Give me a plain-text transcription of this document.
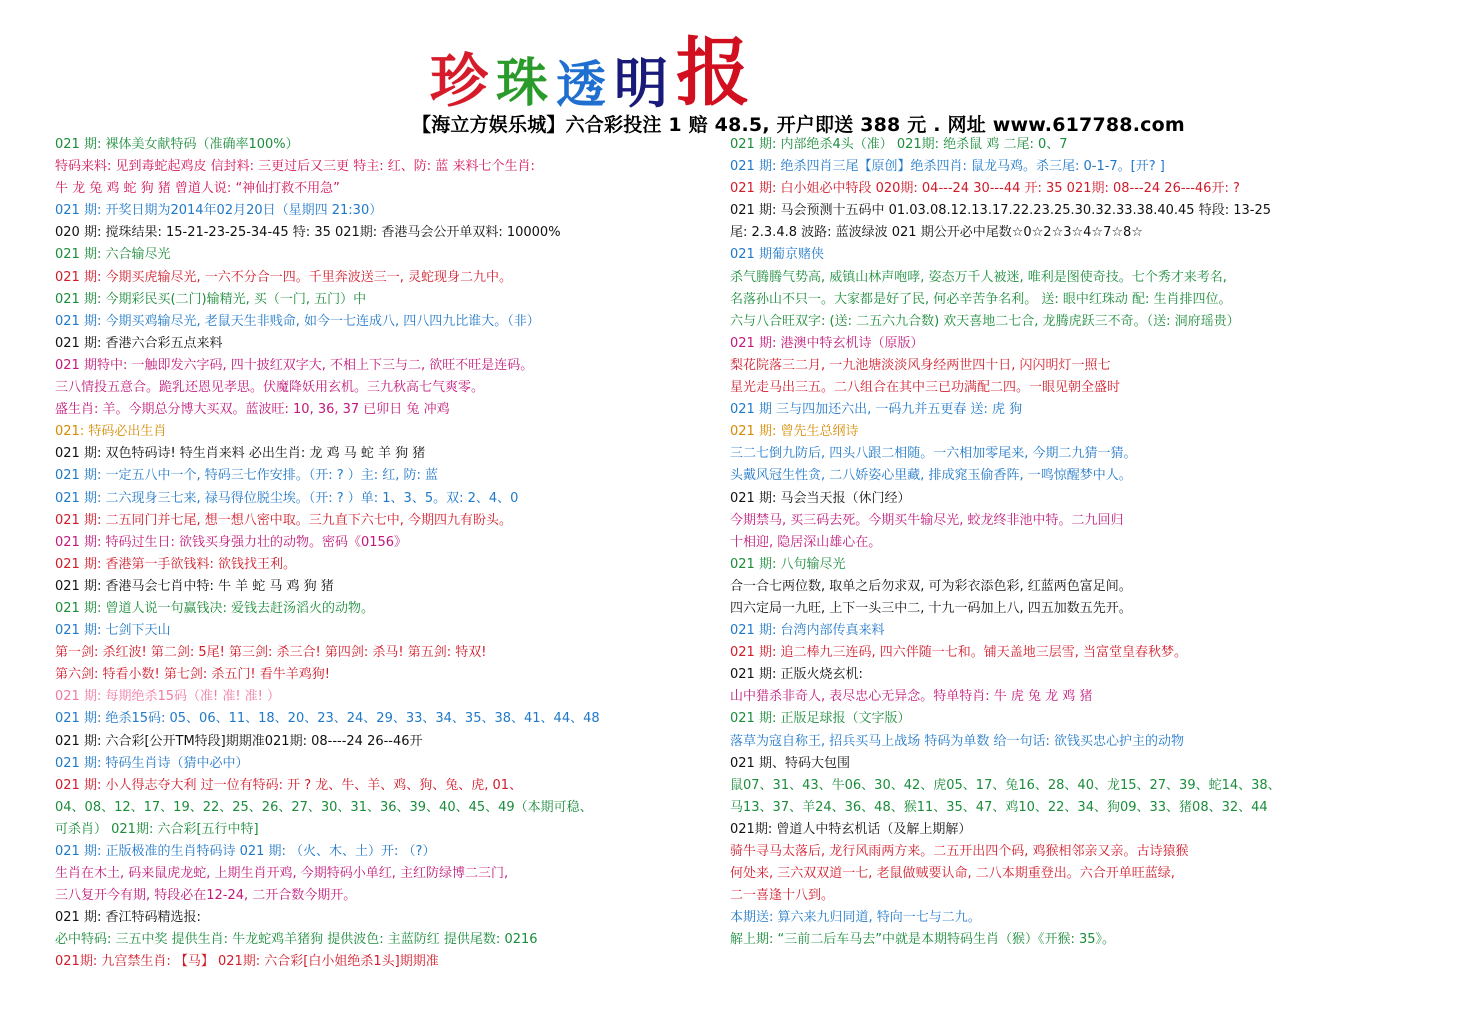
珍 珠 透 明 报
【海立方娱乐城】六合彩投注 1 赔 48.5, 开户即送 388 元 . 网址 www.617788.com
021 期: 裸体美女献特码（准确率100%）
特码来料: 见到毒蛇起鸡皮 信封料: 三更过后又三更 特主: 红、防: 蓝 来料七个生肖:
牛 龙 兔 鸡 蛇 狗 猪 曾道人说: “神仙打救不用急”
021 期: 开奖日期为2014年02月20日（星期四 21:30）
020 期: 搅珠结果: 15-21-23-25-34-45 特: 35 021期: 香港马会公开单双料: 10000%
021 期: 六合输尽光
021 期: 今期买虎输尽光, 一六不分合一四。千里奔波送三一, 灵蛇现身二九中。
021 期: 今期彩民买(二门)输精光, 买（一门, 五门）中
021 期: 今期买鸡输尽光, 老鼠天生非贱命, 如今一七连成八, 四八四九比谁大。（非）
021 期: 香港六合彩五点来料
021 期特中: 一触即发六字码, 四十披红双字大, 不相上下三与二, 欲旺不旺是连码。
三八情投五意合。跪乳还恩见孝思。伏魔降妖用玄机。三九秋高七气爽零。
盛生肖: 羊。今期总分博大买双。蓝波旺: 10, 36, 37 已卯日 兔 冲鸡
021: 特码必出生肖
021 期: 双色特码诗! 特生肖来料 必出生肖: 龙 鸡 马 蛇 羊 狗 猪
021 期: 一定五八中一个, 特码三七作安排。（开: ? ）主: 红, 防: 蓝
021 期: 二六现身三七来, 禄马得位脱尘埃。（开: ? ）单: 1、3、5。双: 2、4、0
021 期: 二五同门并七尾, 想一想八密中取。三九直下六七中, 今期四九有盼头。
021 期: 特码过生日: 欲钱买身强力壮的动物。密码《0156》
021 期: 香港第一手欲钱料: 欲钱找王利。
021 期: 香港马会七肖中特: 牛 羊 蛇 马 鸡 狗 猪
021 期: 曾道人说一句赢钱决: 爱钱去赶汤滔火的动物。
021 期: 七剑下天山
第一剑: 杀红波! 第二剑: 5尾! 第三剑: 杀三合! 第四剑: 杀马! 第五剑: 特双!
第六剑: 特看小数! 第七剑: 杀五门! 看牛羊鸡狗!
021 期: 每期绝杀15码（准! 准! 准! ）
021 期: 绝杀15码: 05、06、11、18、20、23、24、29、33、34、35、38、41、44、48
021 期: 六合彩[公开TM特段]期期准021期: 08----24 26--46开
021 期: 特码生肖诗（猜中必中）
021 期: 小人得志夺大利 过一位有特码: 开 ? 龙、牛、羊、鸡、狗、兔、虎, 01、
04、08、12、17、19、22、25、26、27、30、31、36、39、40、45、49（本期可稳、
可杀肖） 021期: 六合彩[五行中特]
021 期: 正版极准的生肖特码诗 021 期: （火、木、土）开: （?）
生肖在木土, 码来鼠虎龙蛇, 上期生肖开鸡, 今期特码小单红, 主红防绿博二三门,
三八复开今有期, 特段必在12-24, 二开合数今期开。
021 期: 香江特码精选报:
必中特码: 三五中奖 提供生肖: 牛龙蛇鸡羊猪狗 提供波色: 主蓝防红 提供尾数: 0216
021期: 九宫禁生肖: 【马】 021期: 六合彩[白小姐绝杀1头]期期准
021 期: 内部绝杀4头（准） 021期: 绝杀鼠 鸡 二尾: 0、7
021 期: 绝杀四肖三尾【原创】绝杀四肖: 鼠龙马鸡。杀三尾: 0-1-7。[开? ]
021 期: 白小姐必中特段 020期: 04---24 30---44 开: 35 021期: 08---24 26---46开: ?
021 期: 马会预测十五码中 01.03.08.12.13.17.22.23.25.30.32.33.38.40.45 特段: 13-25
尾: 2.3.4.8 波路: 蓝波绿波 021 期公开必中尾数☆0☆2☆3☆4☆7☆8☆
021 期葡京赌侠
杀气腾腾气势高, 威镇山林声咆哮, 姿态万千人被迷, 唯利是图使奇技。七个秀才来考名,
名落孙山不只一。大家都是好了民, 何必辛苦争名利。 送: 眼中红珠动 配: 生肖排四位。
六与八合旺双字: (送: 二五六九合数) 欢天喜地二七合, 龙腾虎跃三不奇。（送: 洞府瑶贵）
021 期: 港澳中特玄机诗（原版）
梨花院落三二月, 一九池塘淡淡风身经两世四十日, 闪闪明灯一照七
星光走马出三五。二八组合在其中三已功满配二四。一眼见朝全盛时
021 期 三与四加还六出, 一码九并五更春 送: 虎 狗
021 期: 曾先生总纲诗
三二七倒九防后, 四头八跟二相随。一六相加零尾来, 今期二九猜一猜。
头戴风冠生性贪, 二八娇姿心里藏, 排成窕玉偷香阵, 一鸣惊醒梦中人。
021 期: 马会当天报（休门经）
今期禁马, 买三码去死。今期买牛输尽光, 蛟龙终非池中特。二九回归
十相迎, 隐居深山雄心在。
021 期: 八句输尽光
合一合七两位数, 取单之后勿求双, 可为彩衣添色彩, 红蓝两色富足间。
四六定局一九旺, 上下一头三中二, 十九一码加上八, 四五加数五先开。
021 期: 台湾内部传真来料
021 期: 追二棒九三连码, 四六伴随一七和。铺天盖地三层雪, 当富堂皇春秋梦。
021 期: 正版火烧玄机:
山中猎杀非奇人, 表尽忠心无异念。特单特肖: 牛 虎 兔 龙 鸡 猪
021 期: 正版足球报（文字版）
落草为寇自称王, 招兵买马上战场 特码为单数 给一句话: 欲钱买忠心护主的动物
021 期、特码大包围
鼠07、31、43、牛06、30、42、虎05、17、兔16、28、40、龙15、27、39、蛇14、38、
马13、37、羊24、36、48、猴11、35、47、鸡10、22、34、狗09、33、猪08、32、44
021期: 曾道人中特玄机话（及解上期解）
骑牛寻马太落后, 龙行风雨两方来。二五开出四个码, 鸡猴相邻亲又亲。古诗猿猴
何处来, 三六双双道一七, 老鼠做贼要认命, 二八本期重登出。六合开单旺蓝绿,
二一喜逢十八到。
本期送: 算六来九归同道, 特向一七与二九。
解上期: “三前二后车马去”中就是本期特码生肖（猴）《开猴: 35》。
